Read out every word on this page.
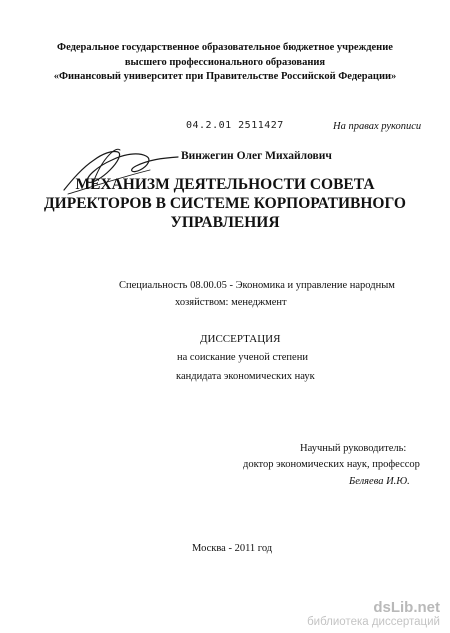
Федеральное государственное образовательное бюджетное учреждение
высшего профессионального образования
«Финансовый университет при Правительстве Российской Федерации»
04.2.01 2511427	На правах рукописи
Винжегин Олег Михайлович
МЕХАНИЗМ ДЕЯТЕЛЬНОСТИ СОВЕТА
ДИРЕКТОРОВ В СИСТЕМЕ КОРПОРАТИВНОГО
УПРАВЛЕНИЯ
Специальность 08.00.05 - Экономика и управление народным
хозяйством: менеджмент
ДИССЕРТАЦИЯ
на соискание ученой степени
кандидата экономических наук
Научный руководитель:
доктор экономических наук, профессор
Беляева И.Ю.
Москва - 2011 год
dsLib.net
библиотека диссертаций
